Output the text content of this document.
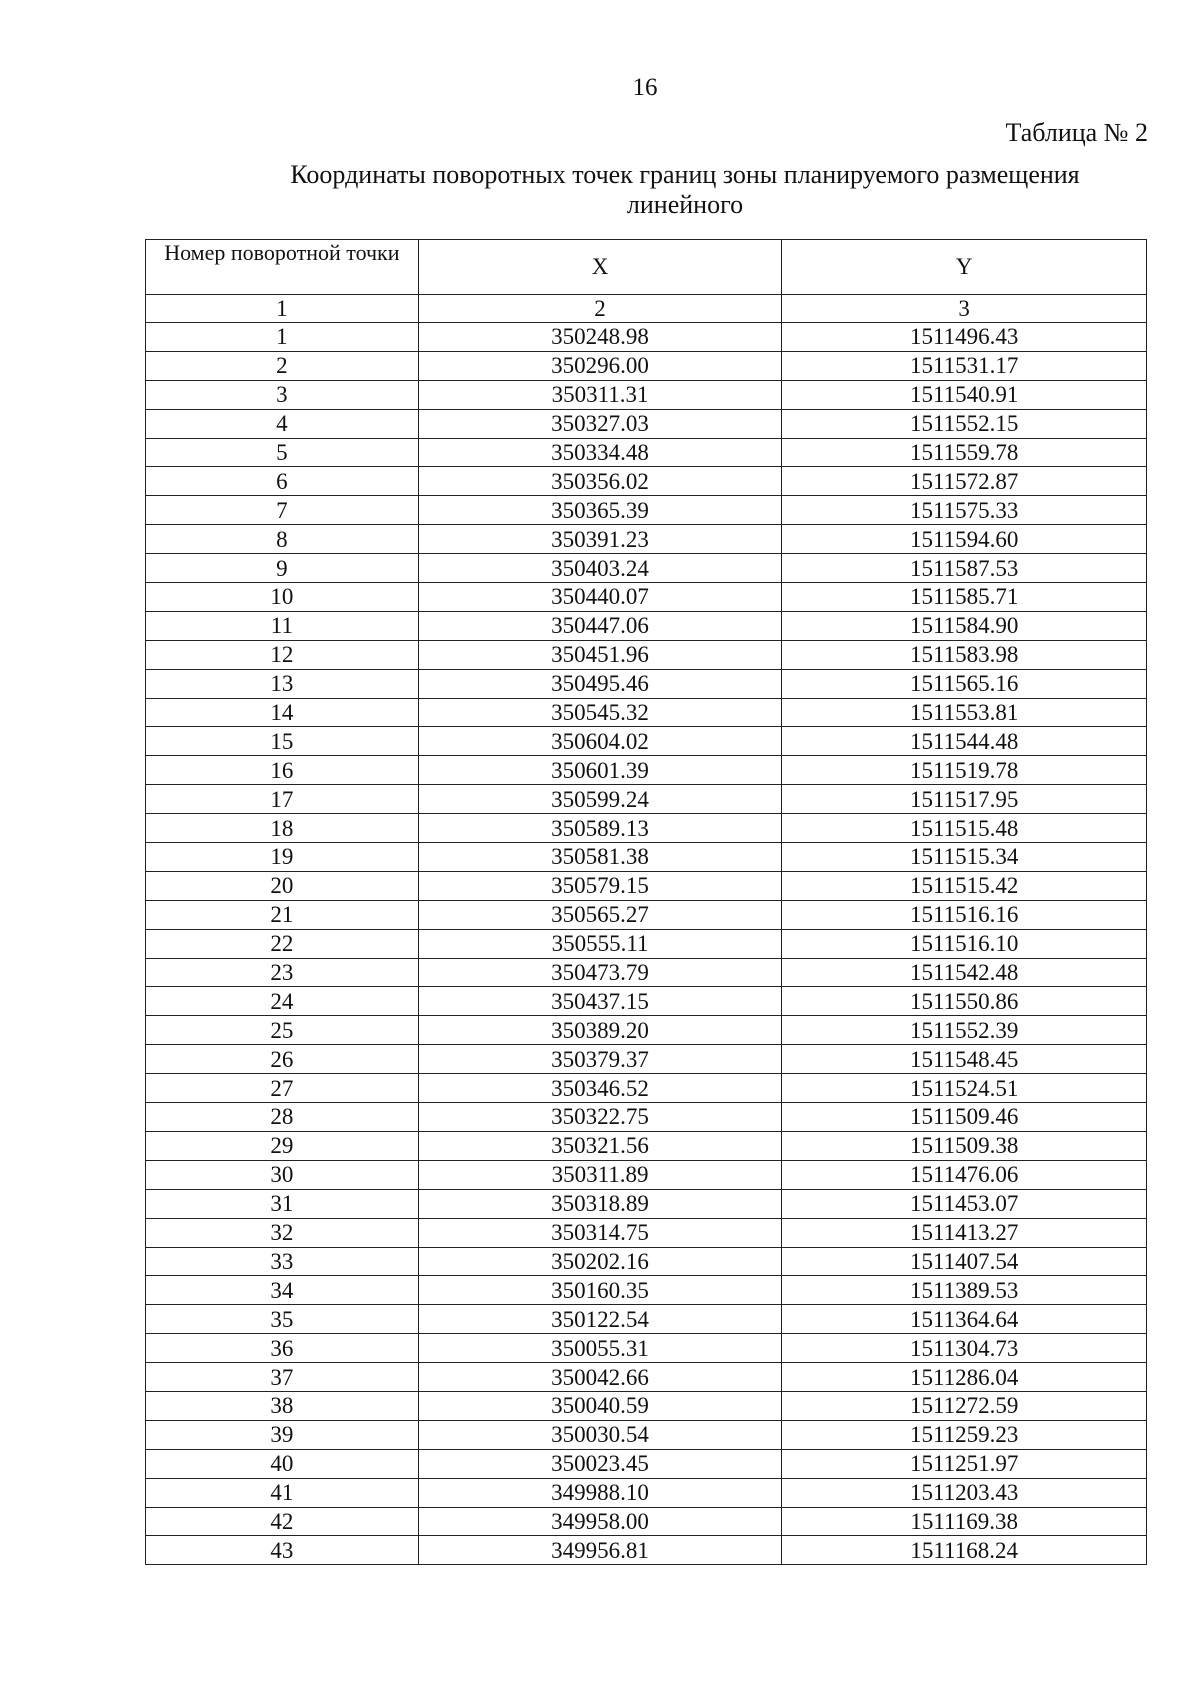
16
Таблица № 2
Координаты поворотных точек границ зоны планируемого размещения линейного
Номер поворотной точки	X	Y
1	2	3
1	350248.98	1511496.43
2	350296.00	1511531.17
3	350311.31	1511540.91
4	350327.03	1511552.15
5	350334.48	1511559.78
6	350356.02	1511572.87
7	350365.39	1511575.33
8	350391.23	1511594.60
9	350403.24	1511587.53
10	350440.07	1511585.71
11	350447.06	1511584.90
12	350451.96	1511583.98
13	350495.46	1511565.16
14	350545.32	1511553.81
15	350604.02	1511544.48
16	350601.39	1511519.78
17	350599.24	1511517.95
18	350589.13	1511515.48
19	350581.38	1511515.34
20	350579.15	1511515.42
21	350565.27	1511516.16
22	350555.11	1511516.10
23	350473.79	1511542.48
24	350437.15	1511550.86
25	350389.20	1511552.39
26	350379.37	1511548.45
27	350346.52	1511524.51
28	350322.75	1511509.46
29	350321.56	1511509.38
30	350311.89	1511476.06
31	350318.89	1511453.07
32	350314.75	1511413.27
33	350202.16	1511407.54
34	350160.35	1511389.53
35	350122.54	1511364.64
36	350055.31	1511304.73
37	350042.66	1511286.04
38	350040.59	1511272.59
39	350030.54	1511259.23
40	350023.45	1511251.97
41	349988.10	1511203.43
42	349958.00	1511169.38
43	349956.81	1511168.24
